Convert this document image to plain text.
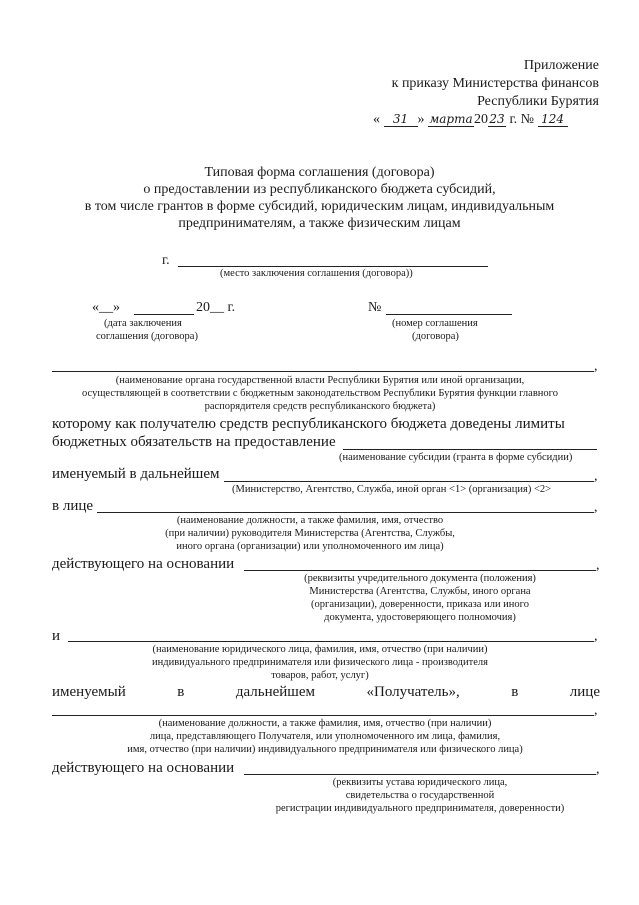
Приложение
к приказу Министерства финансов
Республики Бурятия
« 31 » марта2023 г. № 124
Типовая форма соглашения (договора)
о предоставлении из республиканского бюджета субсидий,
в том числе грантов в форме субсидий, юридическим лицам, индивидуальным
предпринимателям, а также физическим лицам
г.
(место заключения соглашения (договора))
«__»	20__ г.
(дата заключения
соглашения (договора)
№
(номер соглашения
(договора)
,
(наименование органа государственной власти Республики Бурятия или иной организации,
осуществляющей в соответствии с бюджетным законодательством Республики Бурятия функции главного
распорядителя средств республиканского бюджета)
которому как получателю средств республиканского бюджета доведены лимиты
бюджетных обязательств на предоставление
(наименование субсидии (гранта в форме субсидии)
именуемый в дальнейшем	,
(Министерство, Агентство, Служба, иной орган <1> (организация) <2>
в лице	,
(наименование должности, а также фамилия, имя, отчество
(при наличии) руководителя Министерства (Агентства, Службы,
иного органа (организации) или уполномоченного им лица)
действующего на основании	,
(реквизиты учредительного документа (положения)
Министерства (Агентства, Службы, иного органа
(организации), доверенности, приказа или иного
документа, удостоверяющего полномочия)
и	,
(наименование юридического лица, фамилия, имя, отчество (при наличии)
индивидуального предпринимателя или физического лица - производителя
товаров, работ, услуг)
именуемый	в	дальнейшем	«Получатель»,	в	лице
,
(наименование должности, а также фамилия, имя, отчество (при наличии)
лица, представляющего Получателя, или уполномоченного им лица, фамилия,
имя, отчество (при наличии) индивидуального предпринимателя или физического лица)
действующего на основании	,
(реквизиты устава юридического лица,
свидетельства о государственной
регистрации индивидуального предпринимателя, доверенности)
